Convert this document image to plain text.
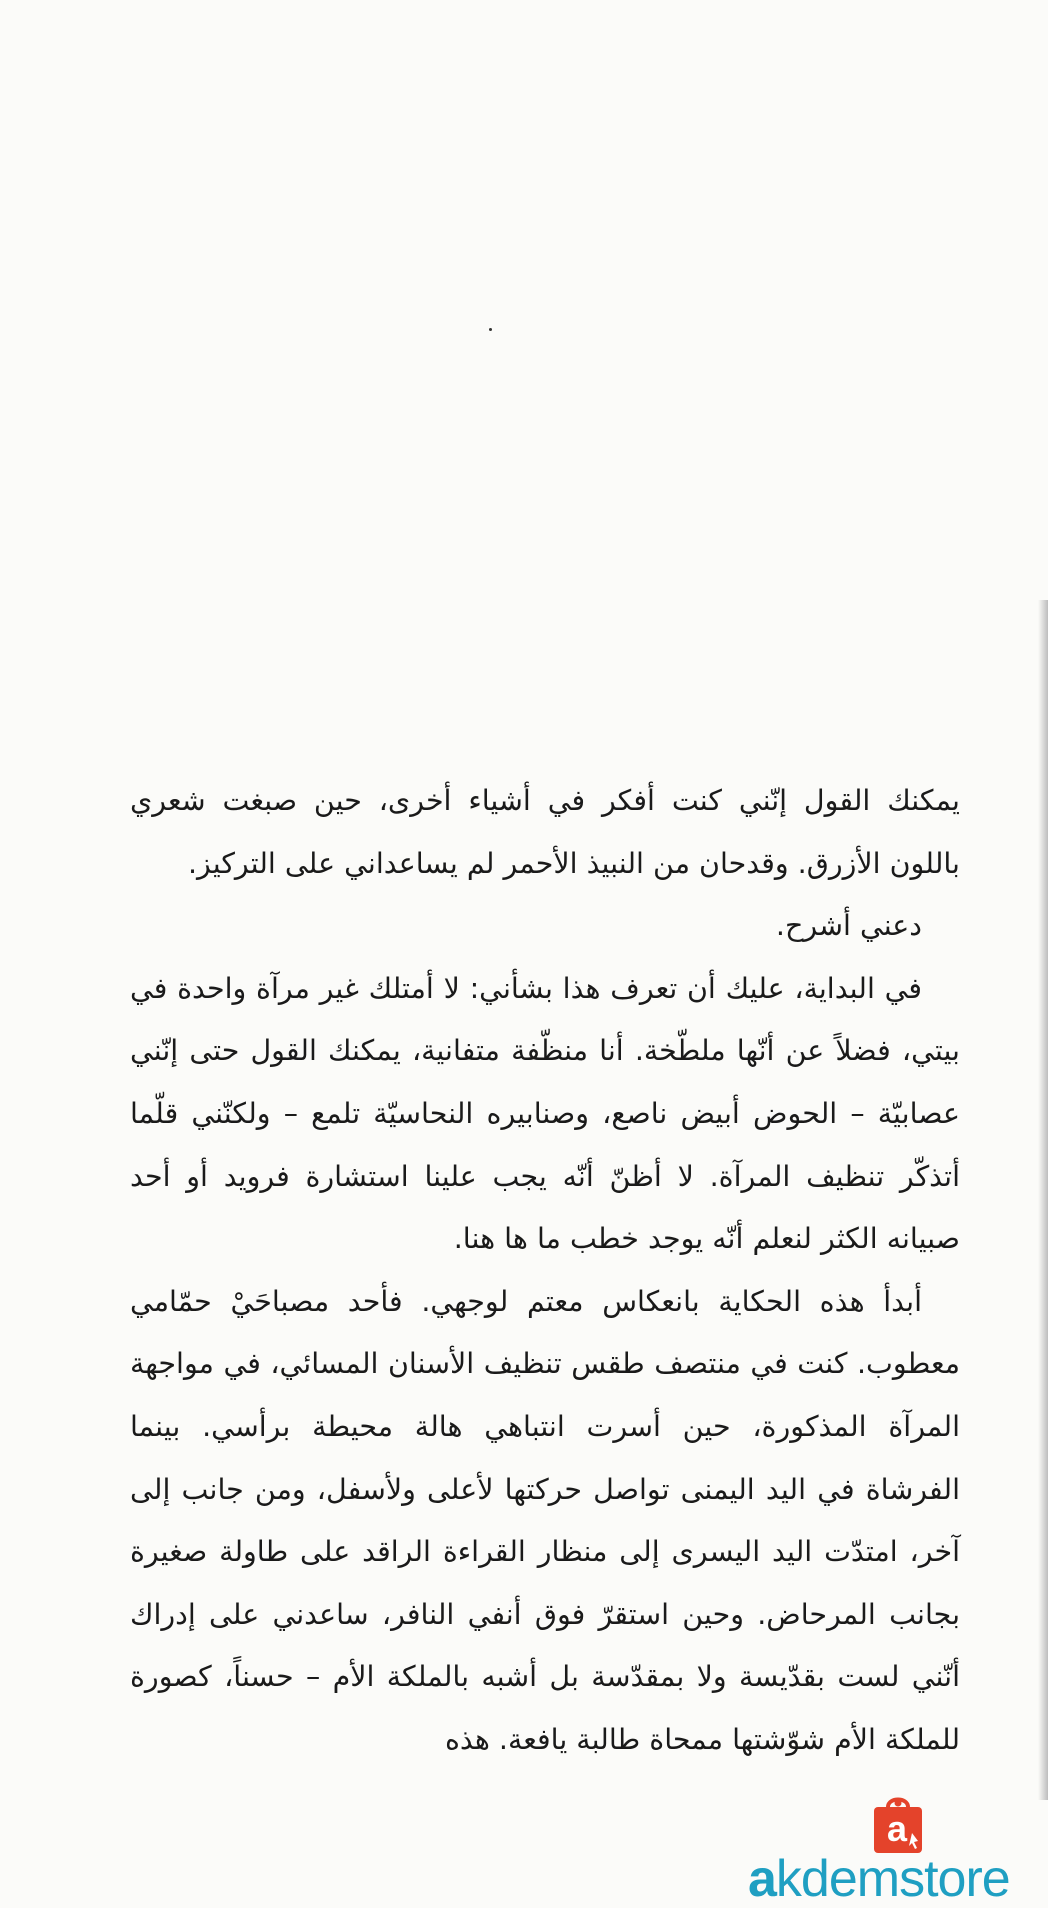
يمكنك القول إنّني كنت أفكر في أشياء أخرى، حين صبغت شعري باللون الأزرق. وقدحان من النبيذ الأحمر لم يساعداني على التركيز.

دعني أشرح.

في البداية، عليك أن تعرف هذا بشأني: لا أمتلك غير مرآة واحدة في بيتي، فضلاً عن أنّها ملطّخة. أنا منظّفة متفانية، يمكنك القول حتى إنّني عصابيّة – الحوض أبيض ناصع، وصنابيره النحاسيّة تلمع – ولكنّني قلّما أتذكّر تنظيف المرآة. لا أظنّ أنّه يجب علينا استشارة فرويد أو أحد صبيانه الكثر لنعلم أنّه يوجد خطب ما ها هنا.

أبدأ هذه الحكاية بانعكاس معتم لوجهي. فأحد مصباحَيْ حمّامي معطوب. كنت في منتصف طقس تنظيف الأسنان المسائي، في مواجهة المرآة المذكورة، حين أسرت انتباهي هالة محيطة برأسي. بينما الفرشاة في اليد اليمنى تواصل حركتها لأعلى ولأسفل، ومن جانب إلى آخر، امتدّت اليد اليسرى إلى منظار القراءة الراقد على طاولة صغيرة بجانب المرحاض. وحين استقرّ فوق أنفي النافر، ساعدني على إدراك أنّني لست بقدّيسة ولا بمقدّسة بل أشبه بالملكة الأم – حسناً، كصورة للملكة الأم شوّشتها ممحاة طالبة يافعة. هذه

a
akdemstore
